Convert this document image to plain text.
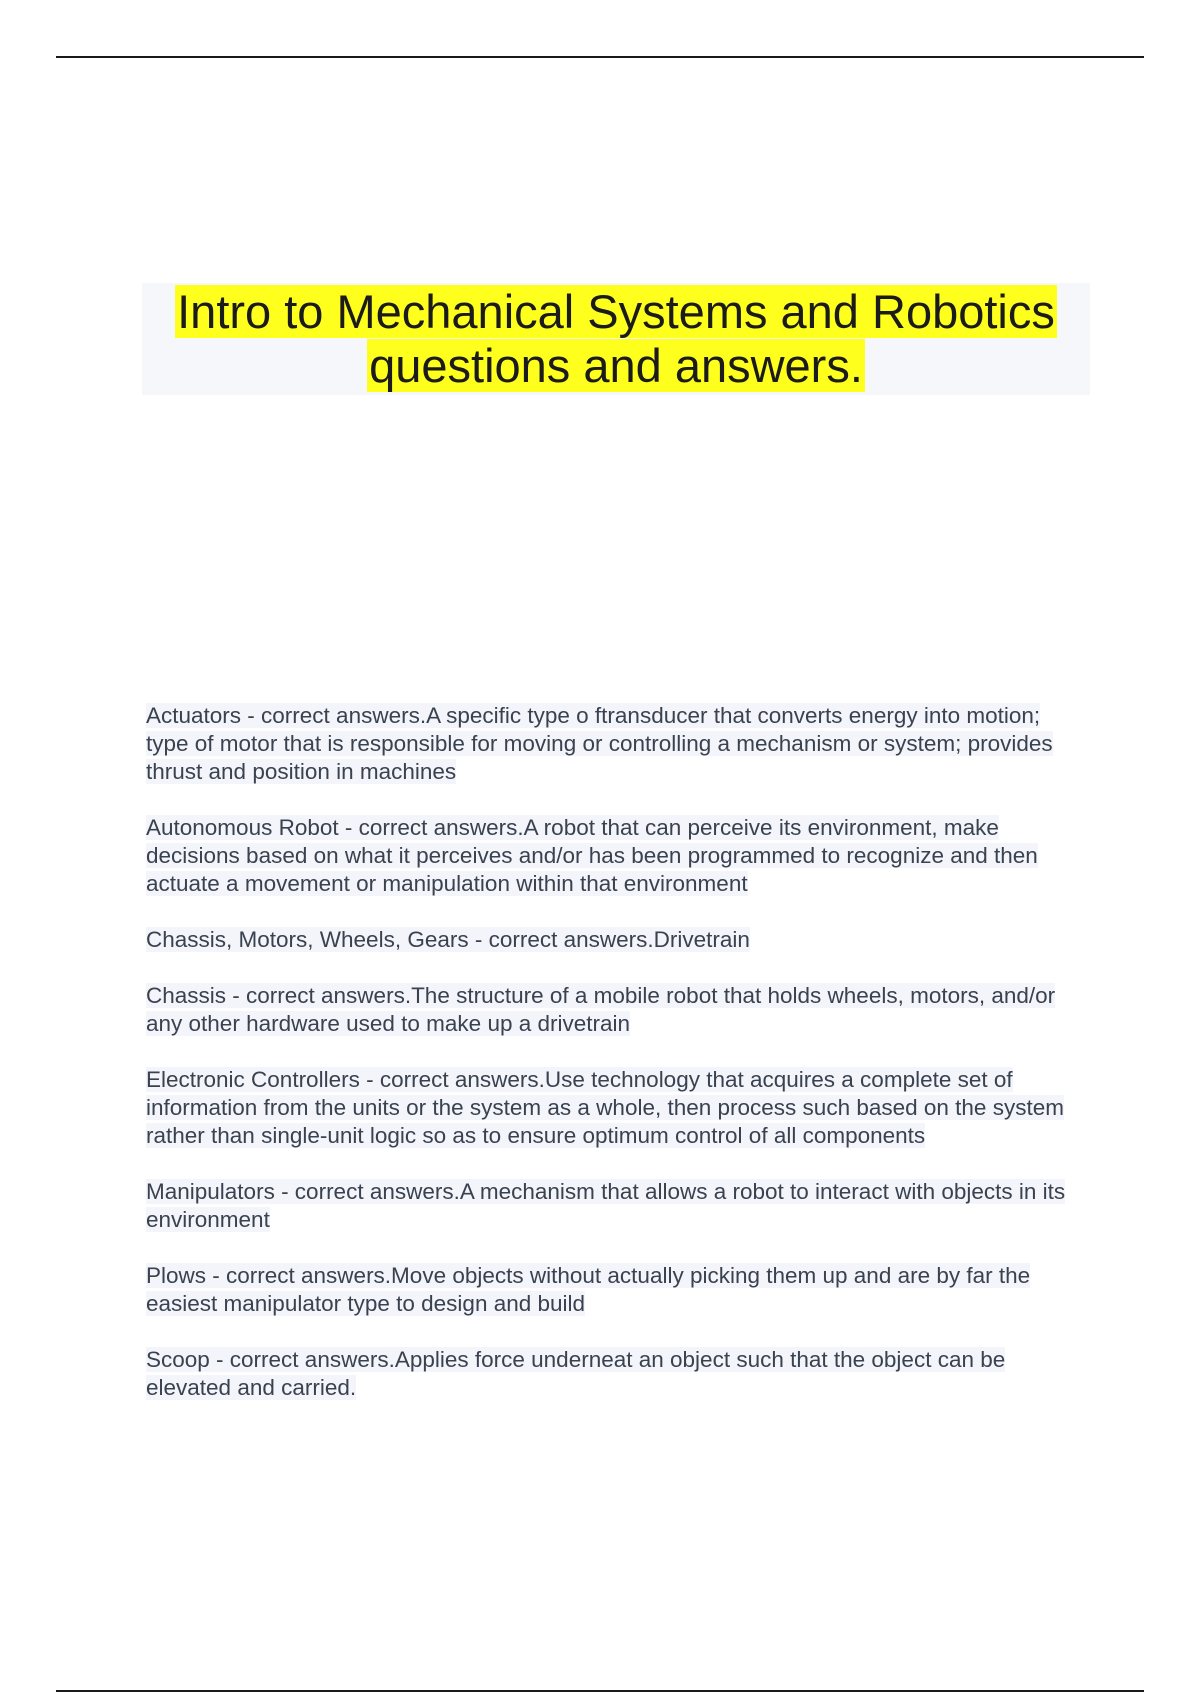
Intro to Mechanical Systems and Robotics
questions and answers.

Actuators - correct answers.A specific type o ftransducer that converts energy into motion; type of motor that is responsible for moving or controlling a mechanism or system; provides thrust and position in machines

Autonomous Robot - correct answers.A robot that can perceive its environment, make decisions based on what it perceives and/or has been programmed to recognize and then actuate a movement or manipulation within that environment

Chassis, Motors, Wheels, Gears - correct answers.Drivetrain

Chassis - correct answers.The structure of a mobile robot that holds wheels, motors, and/or any other hardware used to make up a drivetrain

Electronic Controllers - correct answers.Use technology that acquires a complete set of information from the units or the system as a whole, then process such based on the system rather than single-unit logic so as to ensure optimum control of all components

Manipulators - correct answers.A mechanism that allows a robot to interact with objects in its environment

Plows - correct answers.Move objects without actually picking them up and are by far the easiest manipulator type to design and build

Scoop - correct answers.Applies force underneat an object such that the object can be elevated and carried.
